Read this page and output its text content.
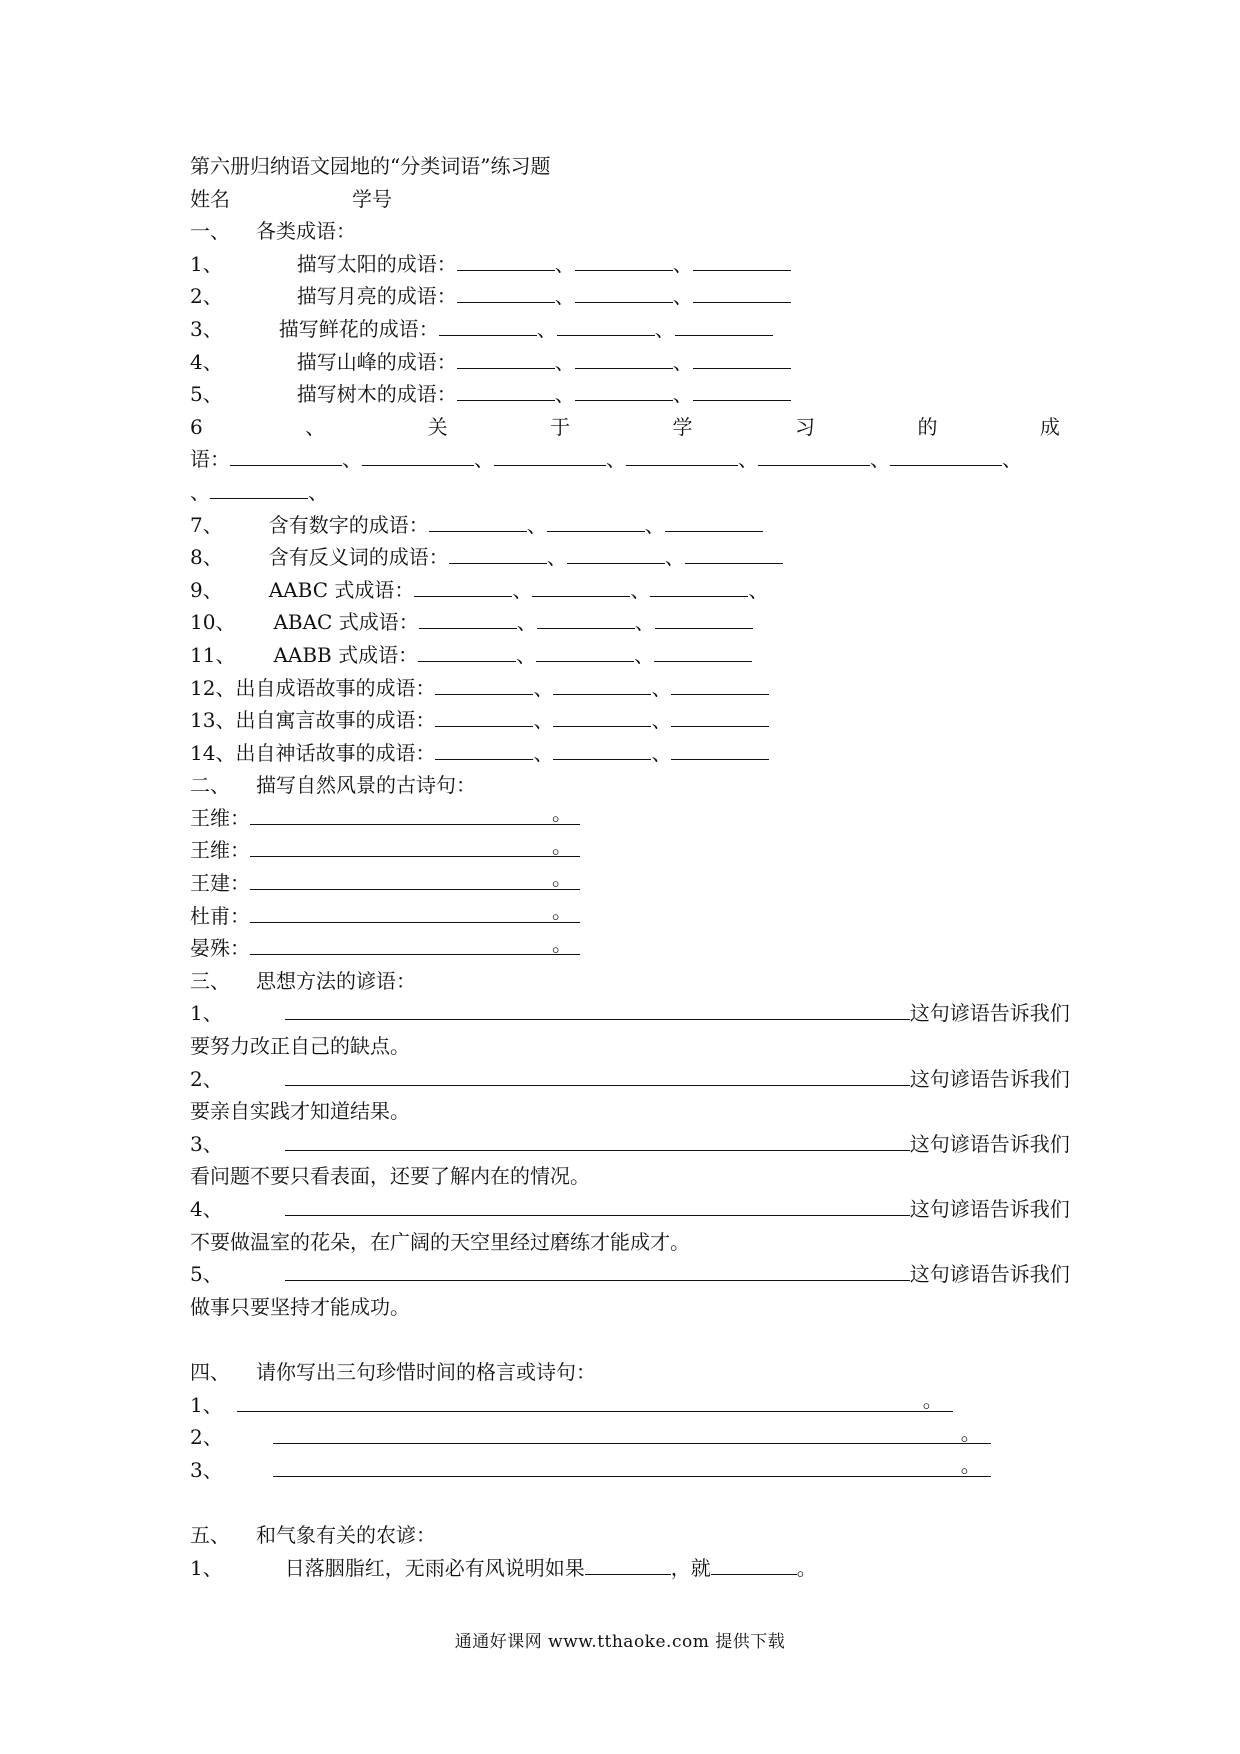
第六册归纳语文园地的“分类词语”练习题
姓名	学号
一、 各类成语：
1、	描写太阳的成语：	、	、
2、	描写月亮的成语：	、	、
3、	描写鲜花的成语：	、	、
4、	描写山峰的成语：	、	、
5、	描写树木的成语：	、	、
6	、	关	于	学	习	的	成
语：	、	、	、	、	、	、
、	、
7、 含有数字的成语：	、	、
8、 含有反义词的成语：	、	、
9、 AABC 式成语：	、	、	、
10、 ABAC 式成语：	、	、
11、 AABB 式成语：	、	、
12、出自成语故事的成语：	、	、
13、出自寓言故事的成语：	、	、
14、出自神话故事的成语：	、	、
二、 描写自然风景的古诗句：
王维：	。
王维：	。
王建：	。
杜甫：	。
晏殊：	。
三、 思想方法的谚语：
1、	这句谚语告诉我们
要努力改正自己的缺点。
2、	这句谚语告诉我们
要亲自实践才知道结果。
3、	这句谚语告诉我们
看问题不要只看表面，还要了解内在的情况。
4、	这句谚语告诉我们
不要做温室的花朵，在广阔的天空里经过磨练才能成才。
5、	这句谚语告诉我们
做事只要坚持才能成功。
四、 请你写出三句珍惜时间的格言或诗句：
1、	。
2、	。
3、	。
五、 和气象有关的农谚：
1、	日落胭脂红，无雨必有风说明如果	，就	。
通通好课网 www.tthaoke.com 提供下载
